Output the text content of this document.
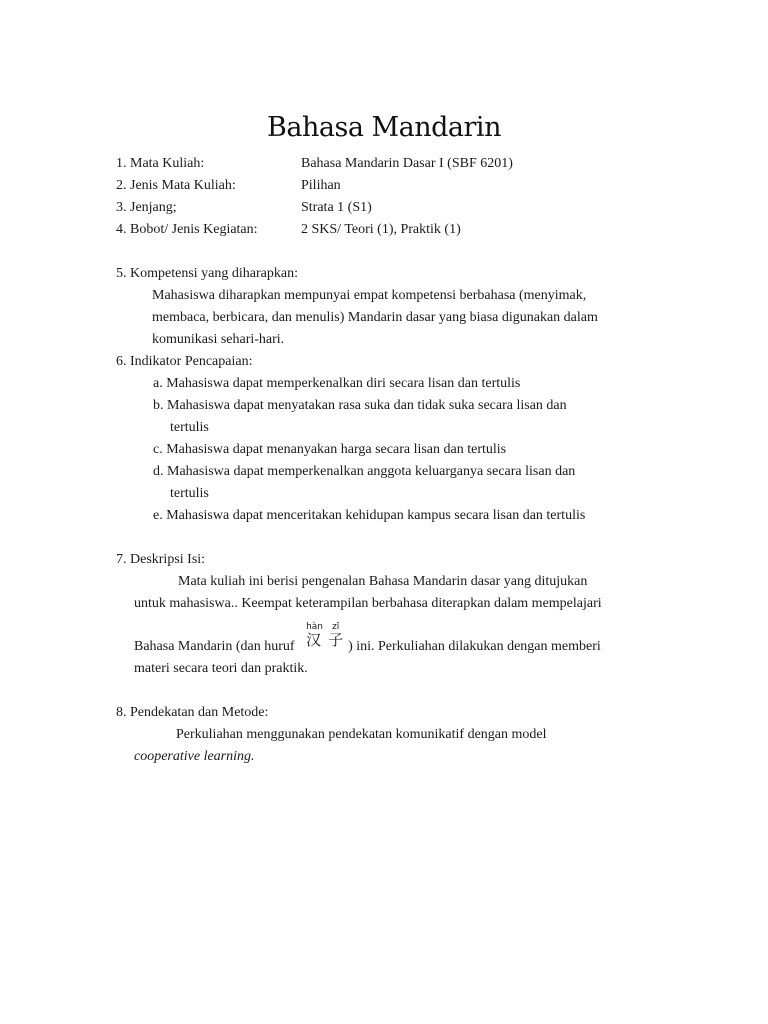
Bahasa Mandarin
1. Mata Kuliah:	Bahasa Mandarin Dasar I (SBF 6201)
2. Jenis Mata Kuliah:	Pilihan
3. Jenjang;	Strata 1 (S1)
4. Bobot/ Jenis Kegiatan:	2 SKS/ Teori (1), Praktik (1)
5. Kompetensi yang diharapkan:
Mahasiswa diharapkan mempunyai empat kompetensi berbahasa (menyimak,
membaca, berbicara, dan menulis) Mandarin dasar yang biasa digunakan dalam
komunikasi sehari-hari.
6. Indikator Pencapaian:
a. Mahasiswa dapat memperkenalkan diri secara lisan dan tertulis
b. Mahasiswa dapat menyatakan rasa suka dan tidak suka secara lisan dan
tertulis
c. Mahasiswa dapat menanyakan harga secara lisan dan tertulis
d. Mahasiswa dapat memperkenalkan anggota keluarganya secara lisan dan
tertulis
e. Mahasiswa dapat menceritakan kehidupan kampus secara lisan dan tertulis
7. Deskripsi Isi:
Mata kuliah ini berisi pengenalan Bahasa Mandarin dasar yang ditujukan
untuk mahasiswa.. Keempat keterampilan berbahasa diterapkan dalam mempelajari
Bahasa Mandarin (dan huruf
hàn
汉
zǐ
子 ) ini. Perkuliahan dilakukan dengan memberi
materi secara teori dan praktik.
8. Pendekatan dan Metode:
Perkuliahan menggunakan pendekatan komunikatif dengan model
cooperative learning.
